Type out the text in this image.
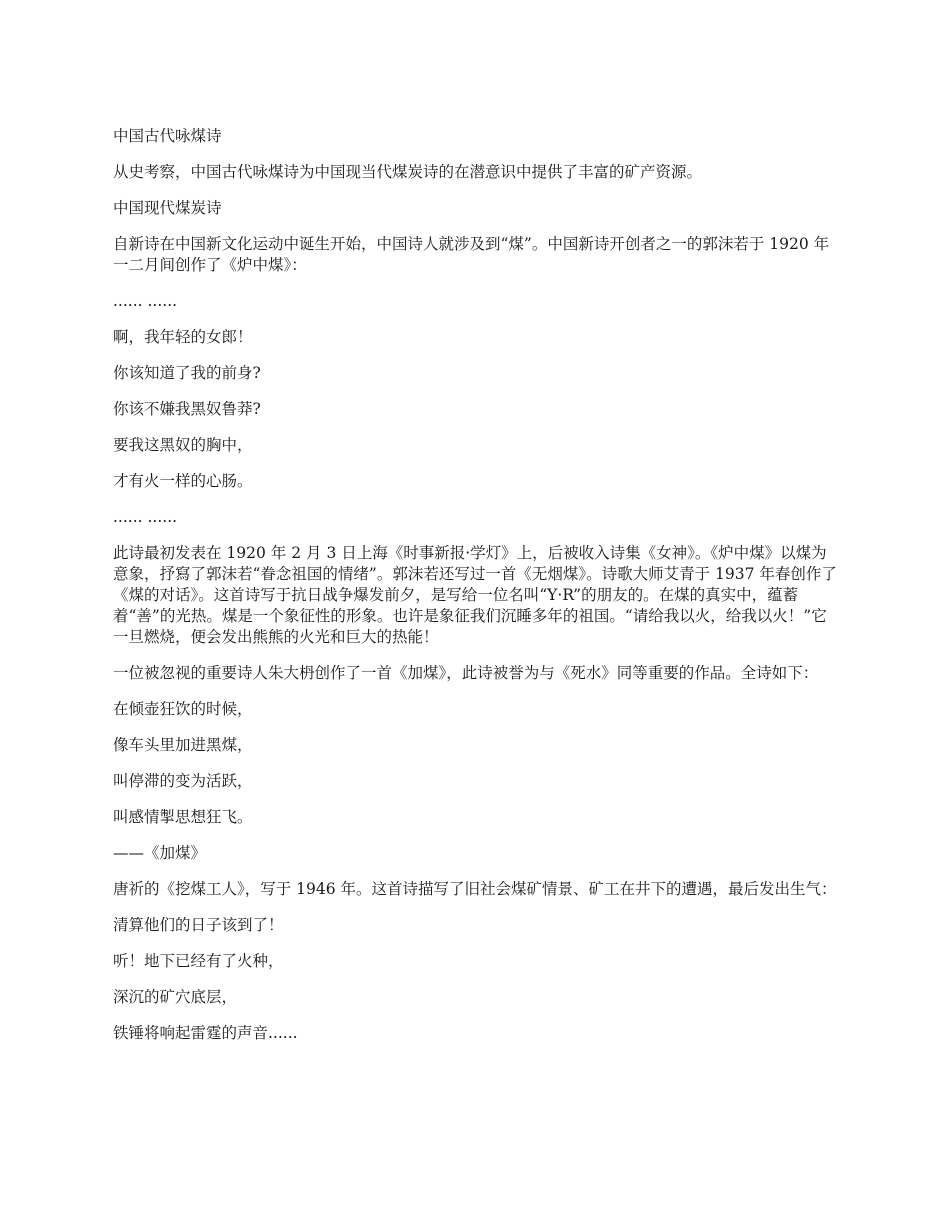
中国古代咏煤诗

从史考察，中国古代咏煤诗为中国现当代煤炭诗的在潜意识中提供了丰富的矿产资源。

中国现代煤炭诗

自新诗在中国新文化运动中诞生开始，中国诗人就涉及到“煤”。中国新诗开创者之一的郭沫若于 1920 年一二月间创作了《炉中煤》：

...... ......

啊，我年轻的女郎！

你该知道了我的前身?

你该不嫌我黑奴鲁莽?

要我这黑奴的胸中，

才有火一样的心肠。

...... ......

此诗最初发表在 1920 年 2 月 3 日上海《时事新报·学灯》上，后被收入诗集《女神》。《炉中煤》以煤为意象，抒寫了郭沫若“眷念祖国的情绪”。郭沫若还写过一首《无烟煤》。诗歌大师艾青于 1937 年春创作了《煤的对话》。这首诗写于抗日战争爆发前夕，是写给一位名叫“Y·R”的朋友的。在煤的真实中，蕴蓄着“善”的光热。煤是一个象征性的形象。也许是象征我们沉睡多年的祖国。“请给我以火，给我以火！”它一旦燃烧，便会发出熊熊的火光和巨大的热能！

一位被忽视的重要诗人朱大枬创作了一首《加煤》，此诗被誉为与《死水》同等重要的作品。全诗如下：

在倾壶狂饮的时候，

像车头里加进黑煤，

叫停滞的变为活跃，

叫感情掣思想狂飞。

——《加煤》

唐祈的《挖煤工人》，写于 1946 年。这首诗描写了旧社会煤矿情景、矿工在井下的遭遇，最后发出生气：

清算他们的日子该到了！

听！地下已经有了火种，

深沉的矿穴底层，

铁锤将响起雷霆的声音......
